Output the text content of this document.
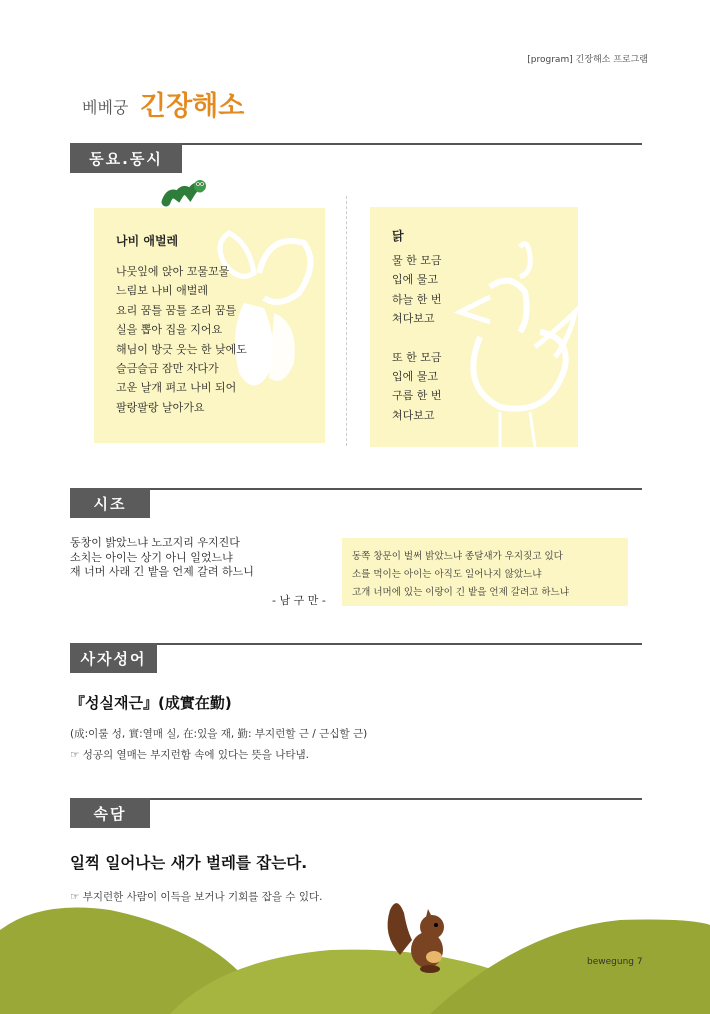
[program] 긴장해소 프로그램
베베궁 긴장해소
동요.동시
나비 애벌레
나뭇잎에 앉아 꼬물꼬물
느림보 나비 애벌레
요리 꿈틀 꿈틀 조리 꿈틀
실을 뽑아 집을 지어요
해님이 방긋 웃는 한 낮에도
슬금슬금 잠만 자다가
고운 날개 펴고 나비 되어
팔랑팔랑 날아가요
닭
물 한 모금
입에 물고
하늘 한 번
쳐다보고
또 한 모금
입에 물고
구름 한 번
쳐다보고
시조
동창이 밝았느냐 노고지리 우지진다
소치는 아이는 상기 아니 일었느냐
재 너머 사래 긴 밭을 언제 갈려 하느니
- 남 구 만 -
동쪽 창문이 벌써 밝았느냐 종달새가 우지짖고 있다
소를 먹이는 아이는 아직도 일어나지 않았느냐
고개 너머에 있는 이랑이 긴 밭을 언제 갈려고 하느냐
사자성어
『성실재근』(成實在勤)
(成:이룰 성, 實:열매 실, 在:있을 재, 勤: 부지런할 근 / 근십할 근)
☞ 성공의 열매는 부지런함 속에 있다는 뜻을 나타냄.
속담
일찍 일어나는 새가 벌레를 잡는다.
☞ 부지런한 사람이 이득을 보거나 기회를 잡을 수 있다.
bewegung 7
